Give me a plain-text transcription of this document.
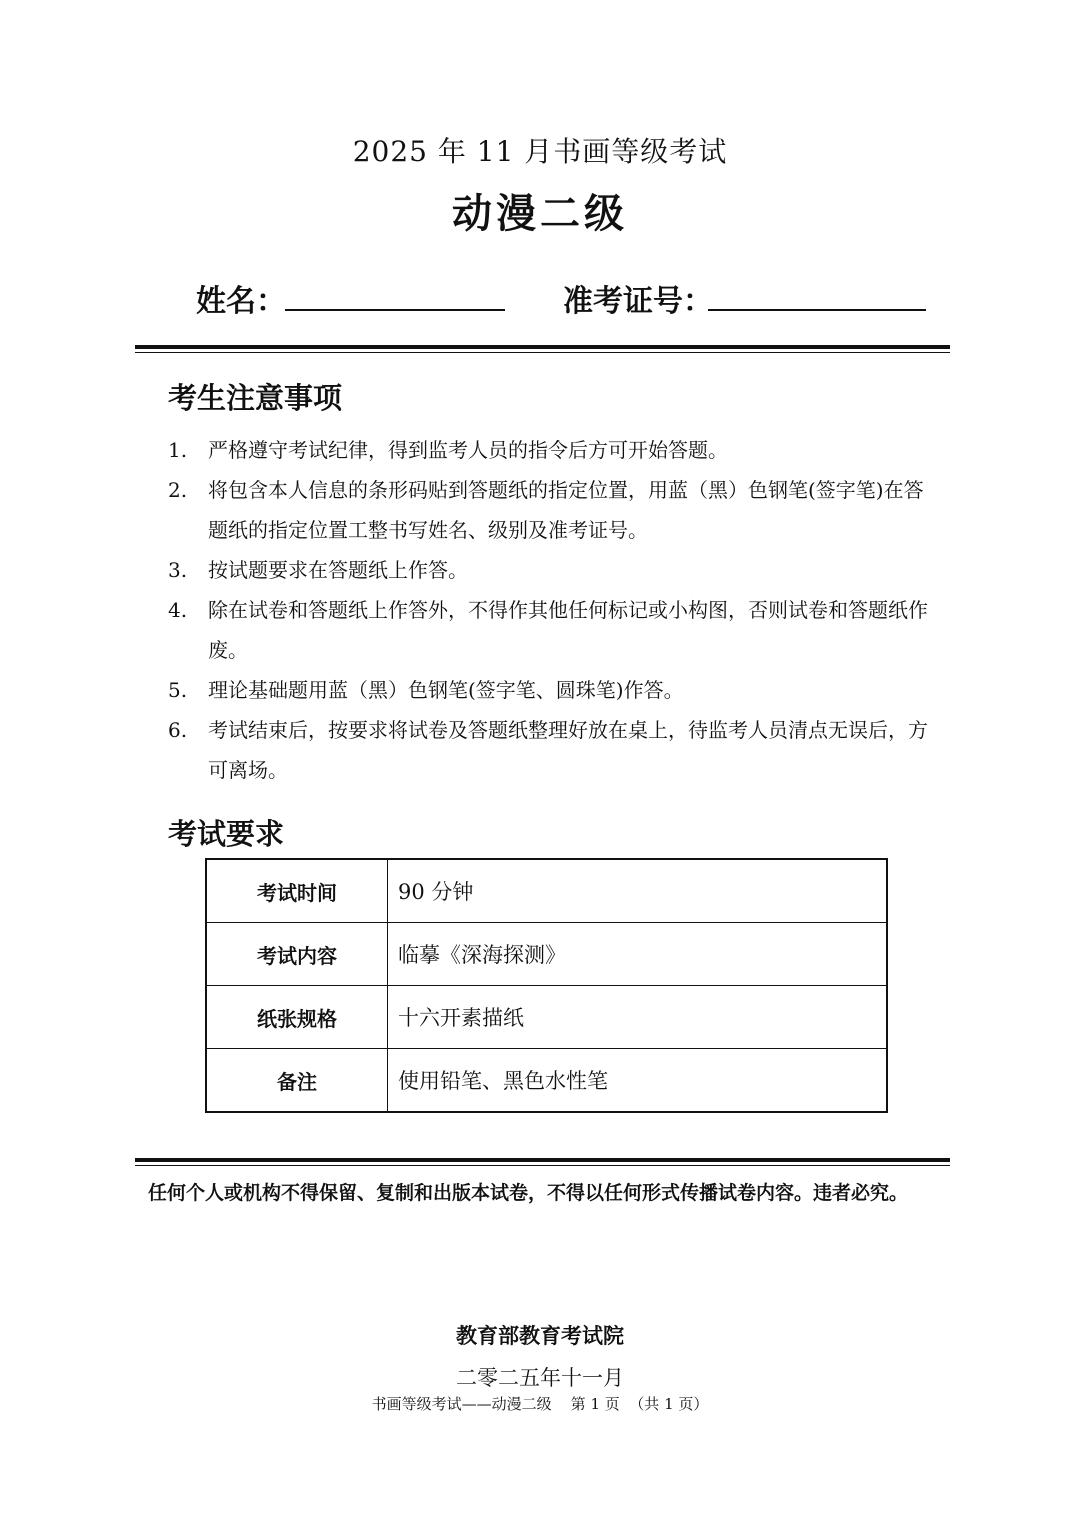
2025 年 11 月书画等级考试
动漫二级
姓名：	准考证号：
考生注意事项
1.	严格遵守考试纪律，得到监考人员的指令后方可开始答题。
2.	将包含本人信息的条形码贴到答题纸的指定位置，用蓝（黑）色钢笔(签字笔)在答题纸的指定位置工整书写姓名、级别及准考证号。
3.	按试题要求在答题纸上作答。
4.	除在试卷和答题纸上作答外，不得作其他任何标记或小构图，否则试卷和答题纸作废。
5.	理论基础题用蓝（黑）色钢笔(签字笔、圆珠笔)作答。
6.	考试结束后，按要求将试卷及答题纸整理好放在桌上，待监考人员清点无误后，方可离场。
考试要求
考试时间	90 分钟
考试内容	临摹《深海探测》
纸张规格	十六开素描纸
备注	使用铅笔、黑色水性笔
任何个人或机构不得保留、复制和出版本试卷，不得以任何形式传播试卷内容。违者必究。
教育部教育考试院
二零二五年十一月
书画等级考试——动漫二级    第 1 页  （共 1 页）
